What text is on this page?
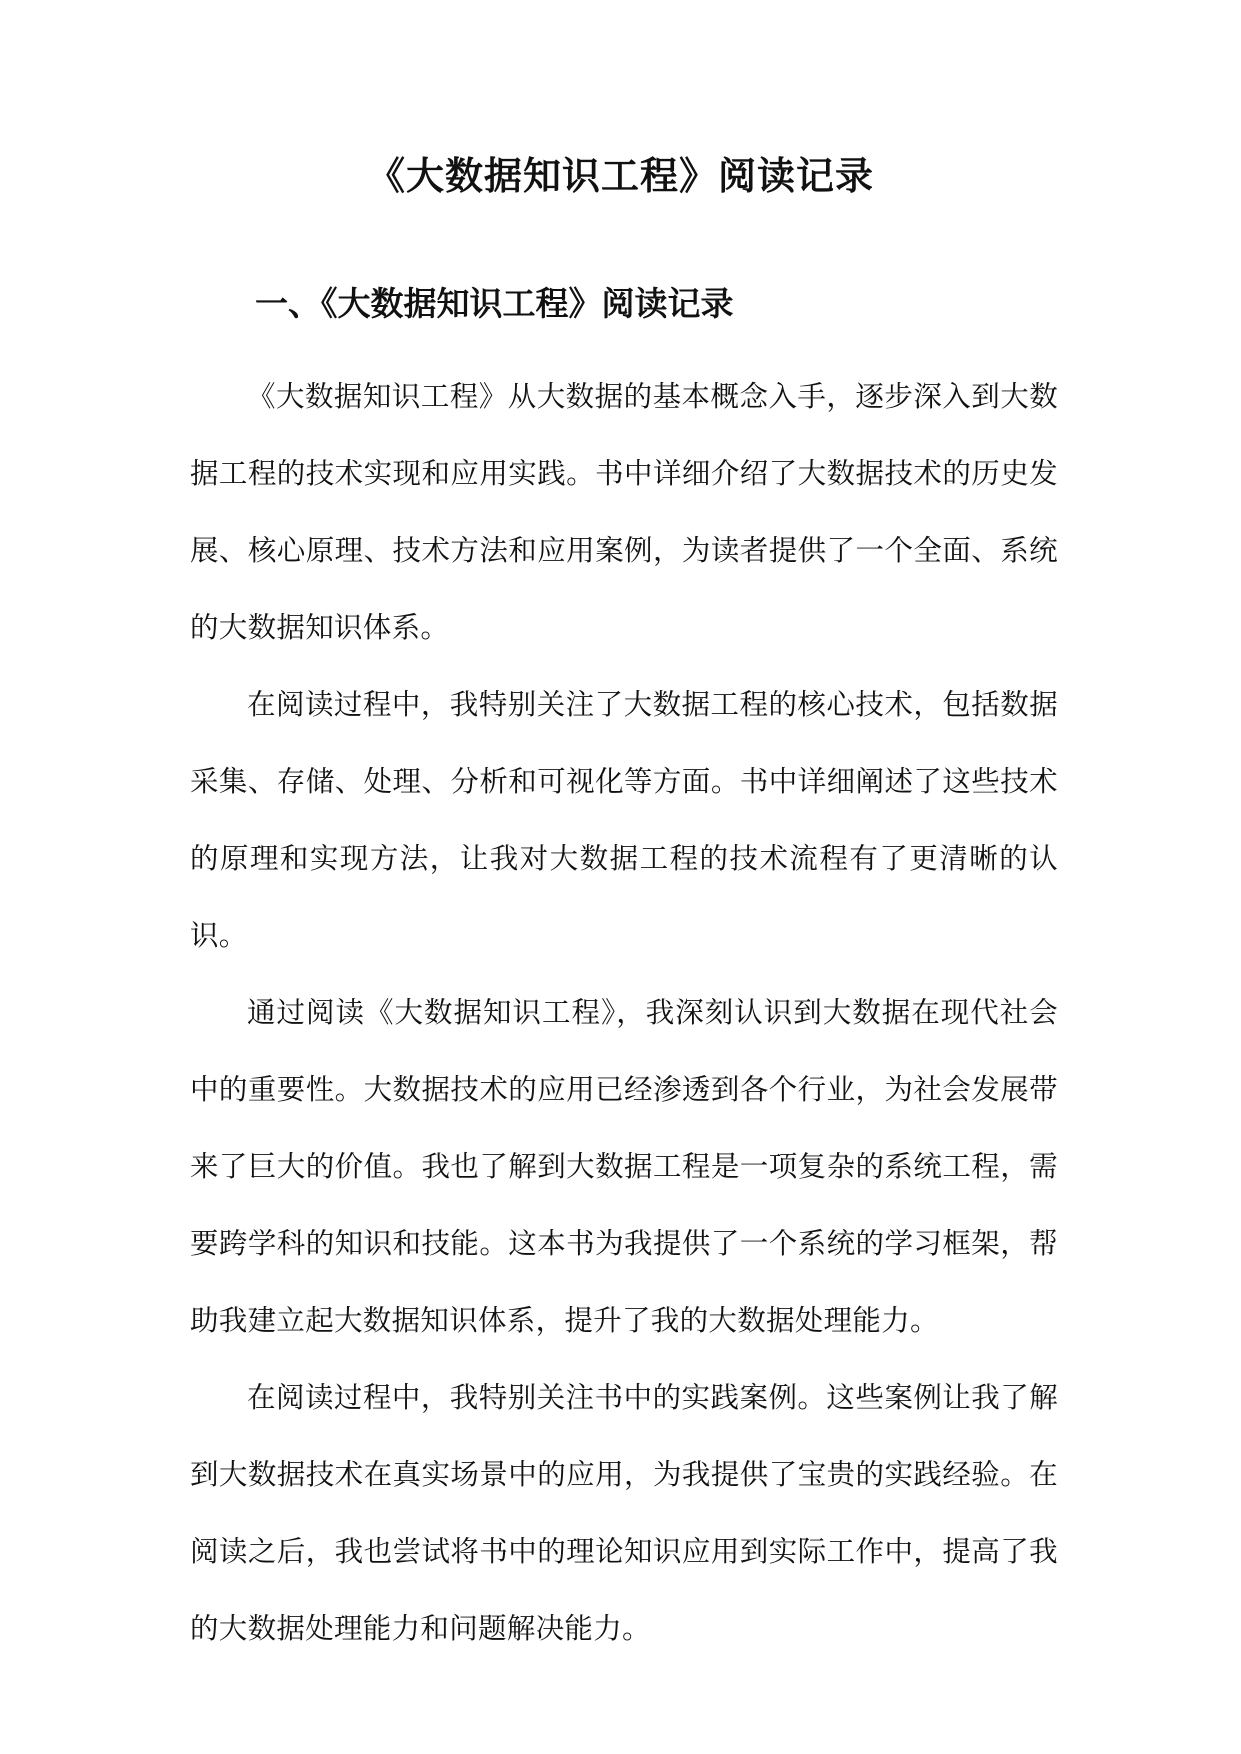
《大数据知识工程》阅读记录
一、《大数据知识工程》阅读记录

《大数据知识工程》从大数据的基本概念入手，逐步深入到大数据工程的技术实现和应用实践。书中详细介绍了大数据技术的历史发展、核心原理、技术方法和应用案例，为读者提供了一个全面、系统的大数据知识体系。

在阅读过程中，我特别关注了大数据工程的核心技术，包括数据采集、存储、处理、分析和可视化等方面。书中详细阐述了这些技术的原理和实现方法，让我对大数据工程的技术流程有了更清晰的认识。

通过阅读《大数据知识工程》，我深刻认识到大数据在现代社会中的重要性。大数据技术的应用已经渗透到各个行业，为社会发展带来了巨大的价值。我也了解到大数据工程是一项复杂的系统工程，需要跨学科的知识和技能。这本书为我提供了一个系统的学习框架，帮助我建立起大数据知识体系，提升了我的大数据处理能力。

在阅读过程中，我特别关注书中的实践案例。这些案例让我了解到大数据技术在真实场景中的应用，为我提供了宝贵的实践经验。在阅读之后，我也尝试将书中的理论知识应用到实际工作中，提高了我的大数据处理能力和问题解决能力。
